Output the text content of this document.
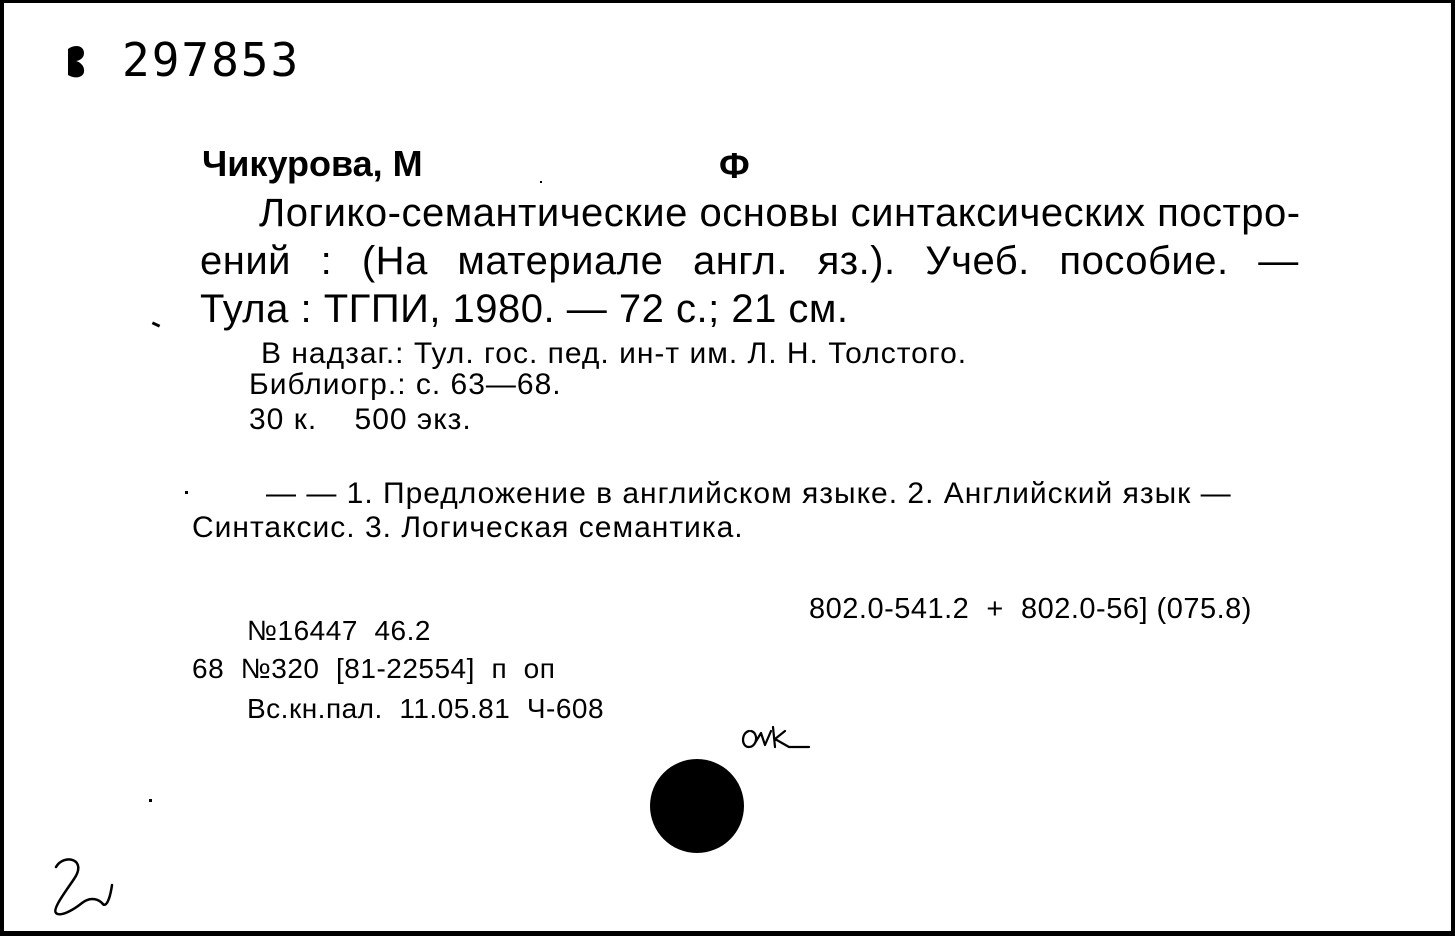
297853
Чикурова, М	Ф
Логико-семантические основы синтаксических постро-
ений : (На материале англ. яз.). Учеб. пособие. —
Тула : ТГПИ, 1980. — 72 с.; 21 см.
В надзаг.: Тул. гос. пед. ин-т им. Л. Н. Толстого.
Библиогр.: с. 63—68.
30 к.    500 экз.
— — 1. Предложение в английском языке. 2. Английский язык —
Синтаксис. 3. Логическая семантика.
802.0-541.2  +  802.0-56] (075.8)
№16447  46.2
68  №320  [81-22554]  п  оп
Вс.кн.пал.  11.05.81  Ч-608
